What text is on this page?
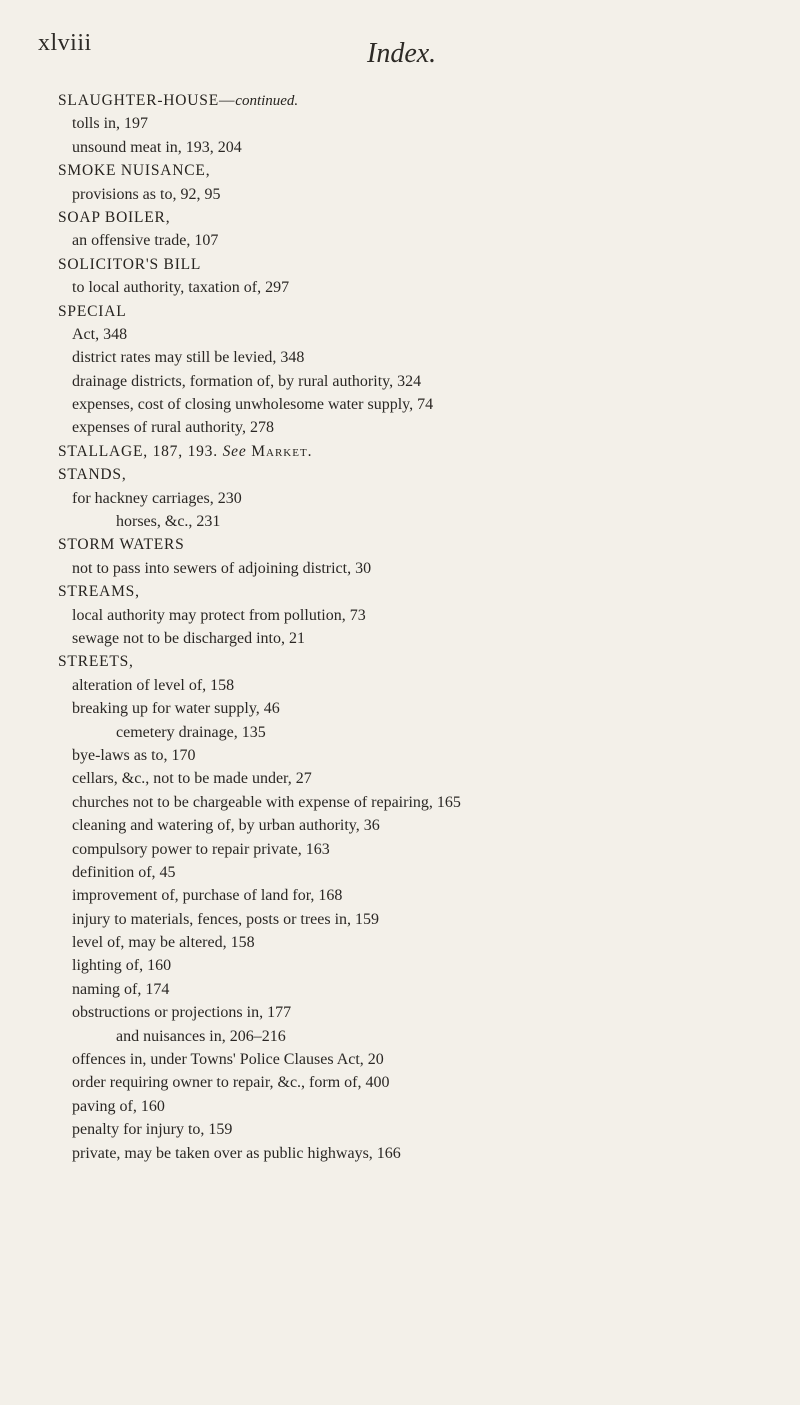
xlviii	Index.
SLAUGHTER-HOUSE—continued.
tolls in, 197
unsound meat in, 193, 204
SMOKE NUISANCE,
provisions as to, 92, 95
SOAP BOILER,
an offensive trade, 107
SOLICITOR'S BILL
to local authority, taxation of, 297
SPECIAL
Act, 348
district rates may still be levied, 348
drainage districts, formation of, by rural authority, 324
expenses, cost of closing unwholesome water supply, 74
expenses of rural authority, 278
STALLAGE, 187, 193. See Market.
STANDS,
for hackney carriages, 230
horses, &c., 231
STORM WATERS
not to pass into sewers of adjoining district, 30
STREAMS,
local authority may protect from pollution, 73
sewage not to be discharged into, 21
STREETS,
alteration of level of, 158
breaking up for water supply, 46
cemetery drainage, 135
bye-laws as to, 170
cellars, &c., not to be made under, 27
churches not to be chargeable with expense of repairing, 165
cleaning and watering of, by urban authority, 36
compulsory power to repair private, 163
definition of, 45
improvement of, purchase of land for, 168
injury to materials, fences, posts or trees in, 159
level of, may be altered, 158
lighting of, 160
naming of, 174
obstructions or projections in, 177
and nuisances in, 206–216
offences in, under Towns' Police Clauses Act, 20
order requiring owner to repair, &c., form of, 400
paving of, 160
penalty for injury to, 159
private, may be taken over as public highways, 166
